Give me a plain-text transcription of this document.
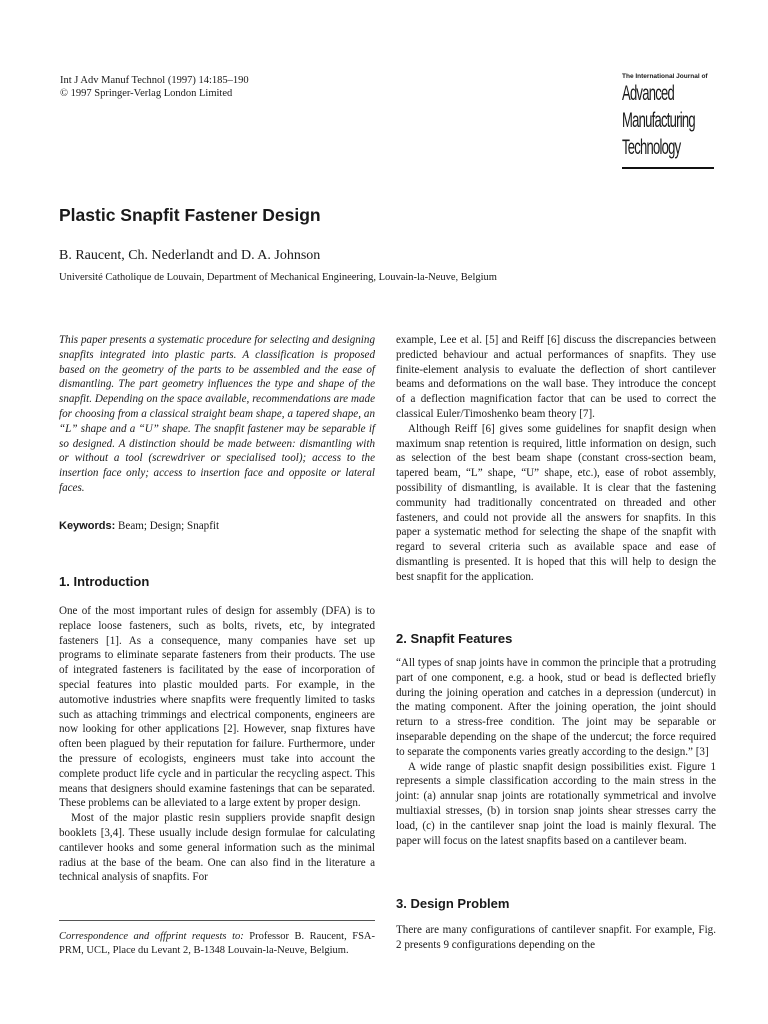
Int J Adv Manuf Technol (1997) 14:185–190
© 1997 Springer-Verlag London Limited
The International Journal of
Advanced
Manufacturing
Technology
Plastic Snapfit Fastener Design
B. Raucent, Ch. Nederlandt and D. A. Johnson
Université Catholique de Louvain, Department of Mechanical Engineering, Louvain-la-Neuve, Belgium

This paper presents a systematic procedure for selecting and designing snapfits integrated into plastic parts. A classification is proposed based on the geometry of the parts to be assembled and the ease of dismantling. The part geometry influences the type and shape of the snapfit. Depending on the space available, recommendations are made for choosing from a classical straight beam shape, a tapered shape, an “L” shape and a “U” shape. The snapfit fastener may be separable if so designed. A distinction should be made between: dismantling with or without a tool (screwdriver or specialised tool); access to the insertion face only; access to insertion face and opposite or lateral faces.

Keywords: Beam; Design; Snapfit
1. Introduction

One of the most important rules of design for assembly (DFA) is to replace loose fasteners, such as bolts, rivets, etc, by integrated fasteners [1]. As a consequence, many companies have set up programs to eliminate separate fasteners from their products. The use of integrated fasteners is facilitated by the ease of incorporation of special features into plastic moulded parts. For example, in the automotive industries where snapfits were frequently limited to tasks such as attaching trimmings and electrical components, engineers are now looking for other applications [2]. However, snap fixtures have often been plagued by their reputation for failure. Furthermore, under the pressure of ecologists, engineers must take into account the complete product life cycle and in particular the recycling aspect. This means that designers should examine fastenings that can be separated. These problems can be alleviated to a large extent by proper design.

Most of the major plastic resin suppliers provide snapfit design booklets [3,4]. These usually include design formulae for calculating cantilever hooks and some general information such as the minimal radius at the base of the beam. One can also find in the literature a technical analysis of snapfits. For

Correspondence and offprint requests to: Professor B. Raucent, FSA-PRM, UCL, Place du Levant 2, B-1348 Louvain-la-Neuve, Belgium.

example, Lee et al. [5] and Reiff [6] discuss the discrepancies between predicted behaviour and actual performances of snapfits. They use finite-element analysis to evaluate the deflection of short cantilever beams and deformations on the wall base. They introduce the concept of a deflection magnification factor that can be used to correct the classical Euler/Timoshenko beam theory [7].

Although Reiff [6] gives some guidelines for snapfit design when maximum snap retention is required, little information on design, such as selection of the best beam shape (constant cross-section beam, tapered beam, “L” shape, “U” shape, etc.), ease of robot assembly, possibility of dismantling, is available. It is clear that the fastening community had traditionally concentrated on threaded and other fasteners, and could not provide all the answers for snapfits. In this paper a systematic method for selecting the shape of the snapfit with regard to several criteria such as available space and ease of dismantling is presented. It is hoped that this will help to design the best snapfit for the application.

2. Snapfit Features

“All types of snap joints have in common the principle that a protruding part of one component, e.g. a hook, stud or bead is deflected briefly during the joining operation and catches in a depression (undercut) in the mating component. After the joining operation, the joint should return to a stress-free condition. The joint may be separable or inseparable depending on the shape of the undercut; the force required to separate the components varies greatly according to the design.” [3]

A wide range of plastic snapfit design possibilities exist. Figure 1 represents a simple classification according to the main stress in the joint: (a) annular snap joints are rotationally symmetrical and involve multiaxial stresses, (b) in torsion snap joints shear stresses carry the load, (c) in the cantilever snap joint the load is mainly flexural. The paper will focus on the latest snapfits based on a cantilever beam.

3. Design Problem

There are many configurations of cantilever snapfit. For example, Fig. 2 presents 9 configurations depending on the
